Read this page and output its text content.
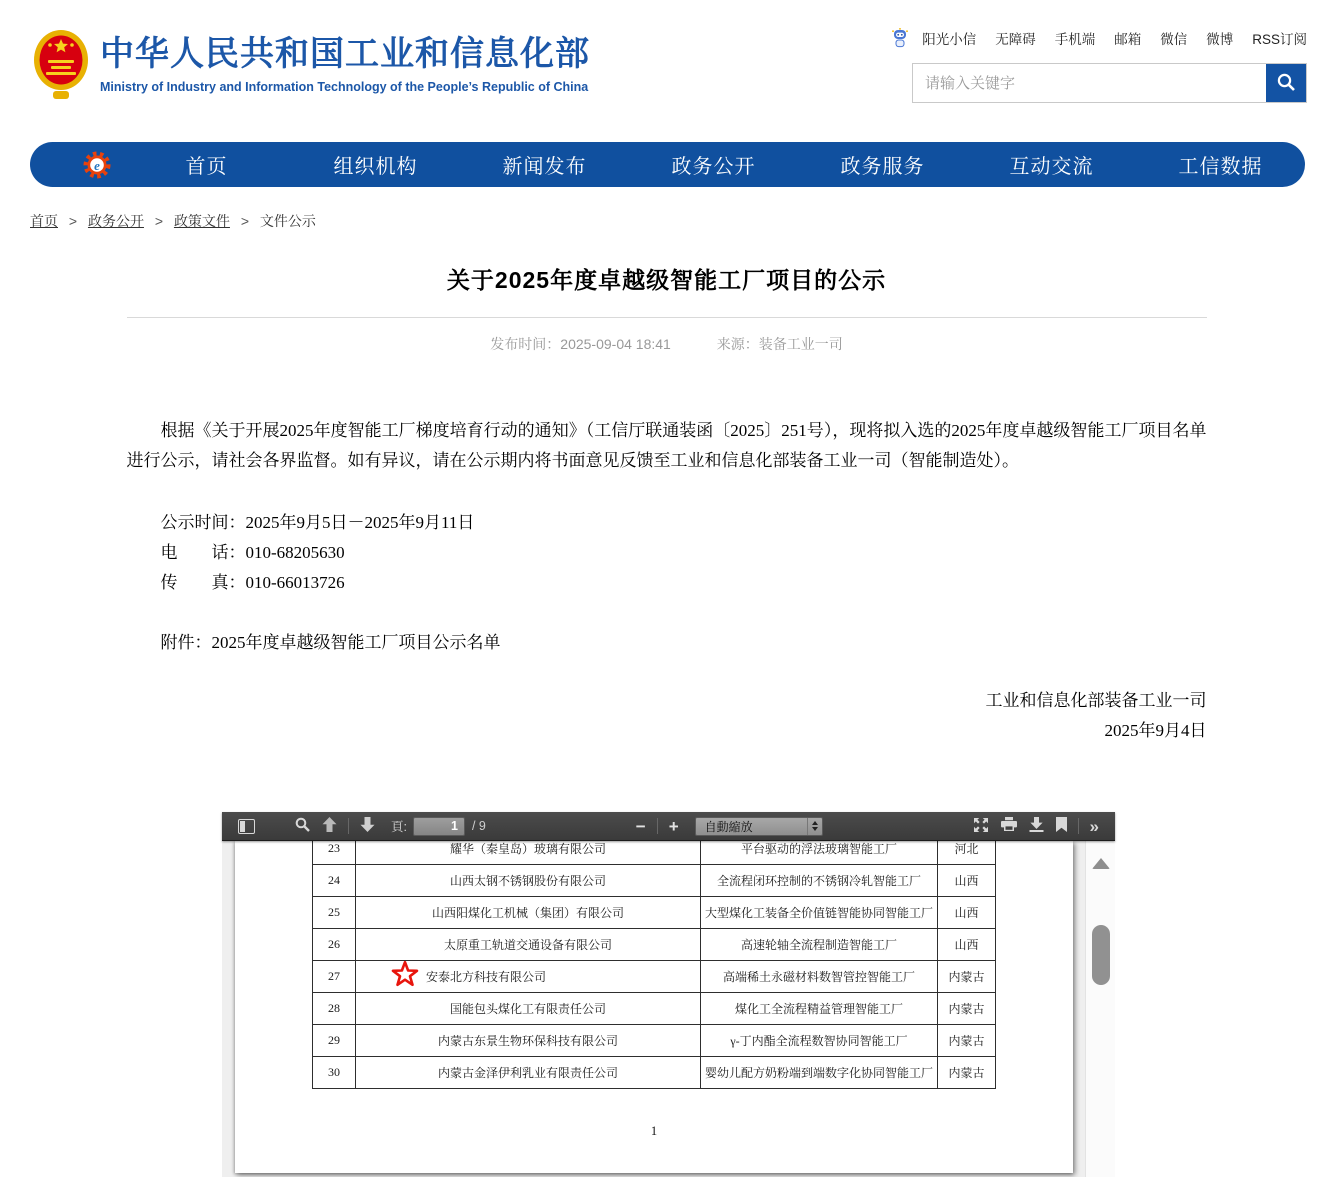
中华人民共和国工业和信息化部
Ministry of Industry and Information Technology of the People’s Republic of China
阳光小信 无障碍 手机端 邮箱 微信 微博 RSS订阅
请输入关键字
e	首页	组织机构	新闻发布	政务公开	政务服务	互动交流	工信数据
首页 > 政务公开 > 政策文件 > 文件公示
关于2025年度卓越级智能工厂项目的公示
发布时间：2025-09-04 18:41	来源：装备工业一司

根据《关于开展2025年度智能工厂梯度培育行动的通知》（工信厅联通装函〔2025〕251号），现将拟入选的2025年度卓越级智能工厂项目名单进行公示，请社会各界监督。如有异议，请在公示期内将书面意见反馈至工业和信息化部装备工业一司（智能制造处）。

公示时间：2025年9月5日－2025年9月11日

电　　话：010-68205630

传　　真：010-66013726

附件：2025年度卓越级智能工厂项目公示名单

工业和信息化部装备工业一司

2025年9月4日

頁:
1	/ 9	− + 自動縮放	»
23	耀华（秦皇岛）玻璃有限公司	平台驱动的浮法玻璃智能工厂	河北
24	山西太钢不锈钢股份有限公司	全流程闭环控制的不锈钢冷轧智能工厂	山西
25	山西阳煤化工机械（集团）有限公司	大型煤化工装备全价值链智能协同智能工厂	山西
26	太原重工轨道交通设备有限公司	高速轮轴全流程制造智能工厂	山西
27	安泰北方科技有限公司	高端稀土永磁材料数智管控智能工厂	内蒙古
28	国能包头煤化工有限责任公司	煤化工全流程精益管理智能工厂	内蒙古
29	内蒙古东景生物环保科技有限公司	γ-丁内酯全流程数智协同智能工厂	内蒙古
30	内蒙古金泽伊利乳业有限责任公司	婴幼儿配方奶粉端到端数字化协同智能工厂	内蒙古
1
